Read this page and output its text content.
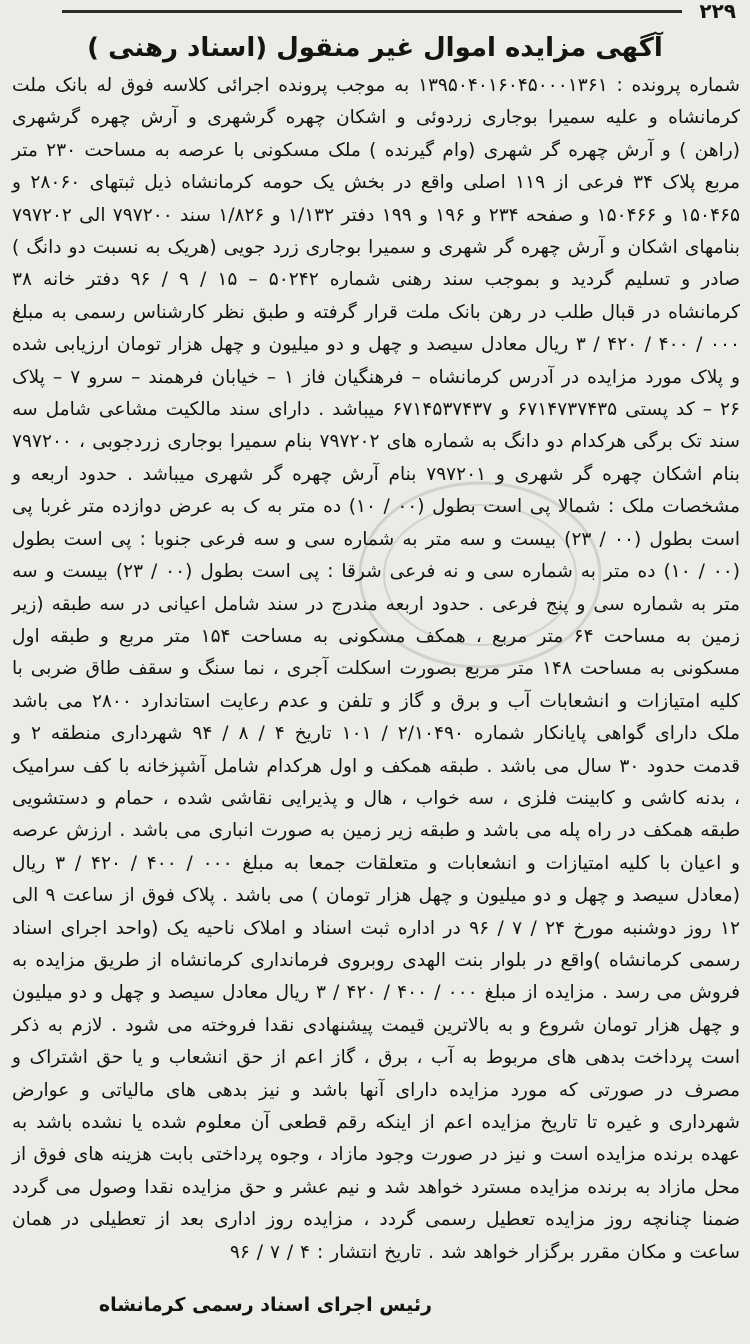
۲۲۹
آگهی مزایده اموال غیر منقول (اسناد رهنی )

شماره پرونده : ۱۳۹۵۰۴۰۱۶۰۴۵۰۰۰۱۳۶۱ به موجب پرونده اجرائی کلاسه فوق له بانک ملت کرمانشاه و علیه سمیرا بوجاری زردوئی و اشکان چهره گرشهری و آرش چهره گرشهری (راهن ) و آرش چهره گر شهری (وام گیرنده ) ملک مسکونی با عرصه به مساحت ۲۳۰ متر مربع پلاک ۳۴ فرعی از ۱۱۹ اصلی واقع در بخش یک حومه کرمانشاه ذیل ثبتهای ۲۸۰۶۰ و ۱۵۰۴۶۵ و ۱۵۰۴۶۶ و صفحه ۲۳۴ و ۱۹۶ و ۱۹۹ دفتر ۱/۱۳۲ و ۱/۸۲۶ سند ۷۹۷۲۰۰ الی ۷۹۷۲۰۲ بنامهای اشکان و آرش چهره گر شهری و سمیرا بوجاری زرد جویی (هریک به نسبت دو دانگ ) صادر و تسلیم گردید و بموجب سند رهنی شماره ۵۰۲۴۲ – ۱۵ / ۹ / ۹۶ دفتر خانه ۳۸ کرمانشاه در قبال طلب در رهن بانک ملت قرار گرفته و طبق نظر کارشناس رسمی به مبلغ ۰۰۰ / ۴۰۰ / ۴۲۰ / ۳ ریال معادل سیصد و چهل و دو میلیون و چهل هزار تومان ارزیابی شده و پلاک مورد مزایده در آدرس کرمانشاه – فرهنگیان فاز ۱ – خیابان فرهمند – سرو ۷ – پلاک ۲۶ – کد پستی ۶۷۱۴۷۳۷۴۳۵ و ۶۷۱۴۵۳۷۴۳۷ میباشد . دارای سند مالکیت مشاعی شامل سه سند تک برگی هرکدام دو دانگ به شماره های ۷۹۷۲۰۲ بنام سمیرا بوجاری زردجوبی ، ۷۹۷۲۰۰ بنام اشکان چهره گر شهری و ۷۹۷۲۰۱ بنام آرش چهره گر شهری میباشد . حدود اربعه و مشخصات ملک : شمالا پی است بطول (۰۰ / ۱۰) ده متر به ک به عرض دوازده متر غربا پی است بطول (۰۰ / ۲۳) بیست و سه متر به شماره سی و سه فرعی جنوبا : پی است بطول (۰۰ / ۱۰) ده متر به شماره سی و نه فرعی شرقا : پی است بطول (۰۰ / ۲۳) بیست و سه متر به شماره سی و پنج فرعی . حدود اربعه مندرج در سند شامل اعیانی در سه طبقه (زیر زمین به مساحت ۶۴ متر مربع ، همکف مسکونی به مساحت ۱۵۴ متر مربع و طبقه اول مسکونی به مساحت ۱۴۸ متر مربع بصورت اسکلت آجری ، نما سنگ و سقف طاق ضربی با کلیه امتیازات و انشعابات آب و برق و گاز و تلفن و عدم رعایت استاندارد ۲۸۰۰ می باشد ملک دارای گواهی پایانکار شماره ۲/۱۰۴۹۰ / ۱۰۱ تاریخ ۴ / ۸ / ۹۴ شهرداری منطقه ۲ و قدمت حدود ۳۰ سال می باشد . طبقه همکف و اول هرکدام شامل آشپزخانه با کف سرامیک ، بدنه کاشی و کابینت فلزی ، سه خواب ، هال و پذیرایی نقاشی شده ، حمام و دستشویی طبقه همکف در راه پله می باشد و طبقه زیر زمین به صورت انباری می باشد . ارزش عرصه و اعیان با کلیه امتیازات و انشعابات و متعلقات جمعا به مبلغ ۰۰۰ / ۴۰۰ / ۴۲۰ / ۳ ریال (معادل سیصد و چهل و دو میلیون و چهل هزار تومان ) می باشد . پلاک فوق از ساعت ۹ الی ۱۲ روز دوشنبه مورخ ۲۴ / ۷ / ۹۶ در اداره ثبت اسناد و املاک ناحیه یک (واحد اجرای اسناد رسمی کرمانشاه )واقع در بلوار بنت الهدی روبروی فرمانداری کرمانشاه از طریق مزایده به فروش می رسد . مزایده از مبلغ ۰۰۰ / ۴۰۰ / ۴۲۰ / ۳ ریال معادل سیصد و چهل و دو میلیون و چهل هزار تومان شروع و به بالاترین قیمت پیشنهادی نقدا فروخته می شود . لازم به ذکر است پرداخت بدهی های مربوط به آب ، برق ، گاز اعم از حق انشعاب و یا حق اشتراک و مصرف در صورتی که مورد مزایده دارای آنها باشد و نیز بدهی های مالیاتی و عوارض شهرداری و غیره تا تاریخ مزایده اعم از اینکه رقم قطعی آن معلوم شده یا نشده باشد به عهده برنده مزایده است و نیز در صورت وجود مازاد ، وجوه پرداختی بابت هزینه های فوق از محل مازاد به برنده مزایده مسترد خواهد شد و نیم عشر و حق مزایده نقدا وصول می گردد ضمنا چنانچه روز مزایده تعطیل رسمی گردد ، مزایده روز اداری بعد از تعطیلی در همان ساعت و مکان مقرر برگزار خواهد شد . تاریخ انتشار : ۴ / ۷ / ۹۶

رئیس اجرای اسناد رسمی کرمانشاه
